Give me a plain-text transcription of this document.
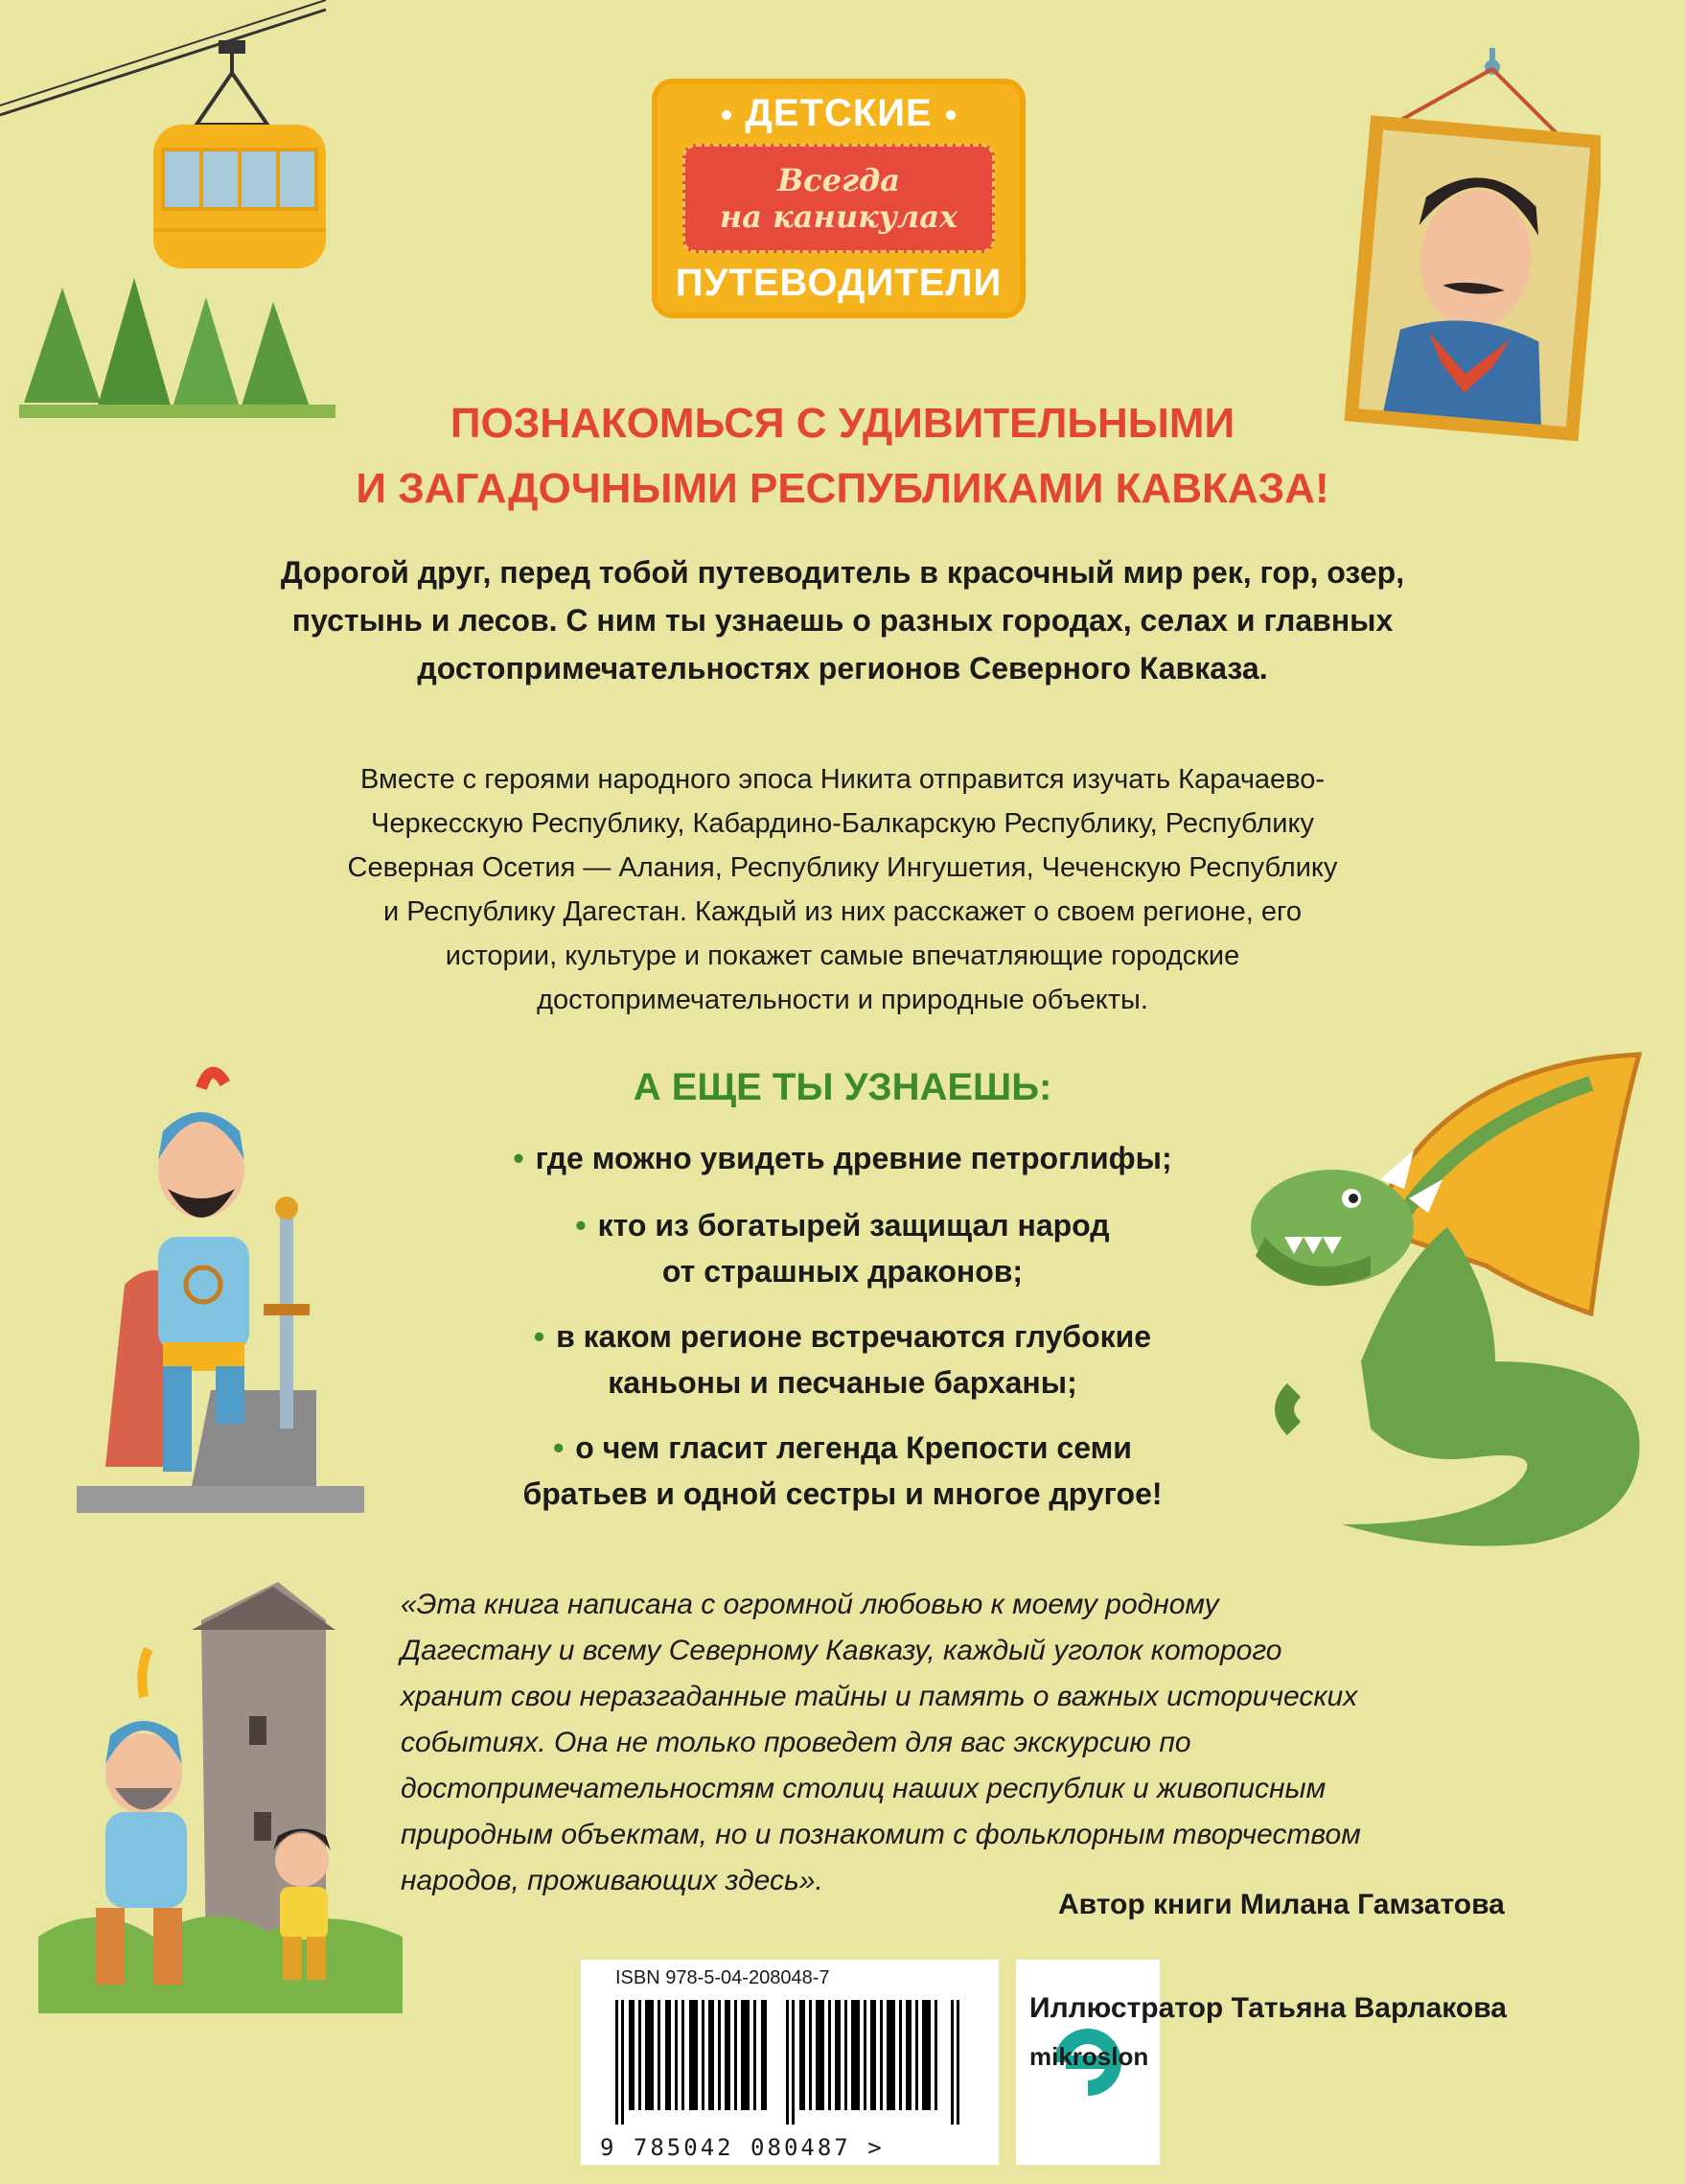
ДЕТСКИЕ
Всегда
на каникулах
ПУТЕВОДИТЕЛИ
ПОЗНАКОМЬСЯ С УДИВИТЕЛЬНЫМИ
И ЗАГАДОЧНЫМИ РЕСПУБЛИКАМИ КАВКАЗА!
Дорогой друг, перед тобой путеводитель в красочный мир рек, гор, озер,
пустынь и лесов. С ним ты узнаешь о разных городах, селах и главных
достопримечательностях регионов Северного Кавказа.
Вместе с героями народного эпоса Никита отправится изучать Карачаево-
Черкесскую Республику, Кабардино-Балкарскую Республику, Республику
Северная Осетия — Алания, Республику Ингушетия, Чеченскую Республику
и Республику Дагестан. Каждый из них расскажет о своем регионе, его
истории, культуре и покажет самые впечатляющие городские
достопримечательности и природные объекты.
А ЕЩЕ ТЫ УЗНАЕШЬ:
• где можно увидеть древние петроглифы;
• кто из богатырей защищал народ
от страшных драконов;
• в каком регионе встречаются глубокие
каньоны и песчаные барханы;
• о чем гласит легенда Крепости семи
братьев и одной сестры и многое другое!
«Эта книга написана с огромной любовью к моему родному
Дагестану и всему Северному Кавказу, каждый уголок которого
хранит свои неразгаданные тайны и память о важных исторических
событиях. Она не только проведет для вас экскурсию по
достопримечательностям столиц наших республик и живописным
природным объектам, но и познакомит с фольклорным творчеством
народов, проживающих здесь».
Автор книги Милана Гамзатова
ISBN 978-5-04-208048-7
9 785042 080487 >
Иллюстратор Татьяна Варлакова
mikroslon
